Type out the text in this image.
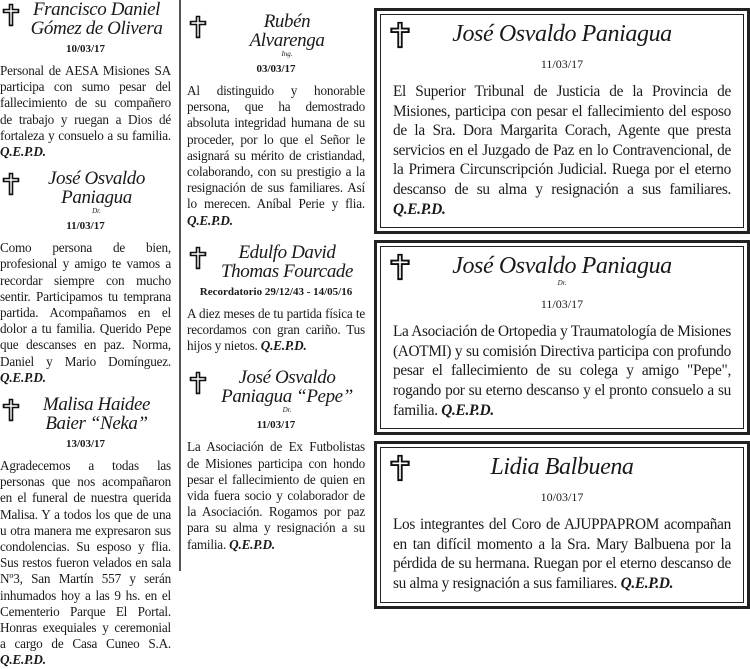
Francisco Daniel
Gómez de Olivera
10/03/17

Personal de AESA Misiones SA participa con sumo pesar del fallecimiento de su compañero de trabajo y ruegan a Dios dé fortaleza y consuelo a su familia. Q.E.P.D.

José Osvaldo
Paniagua
Dr.
11/03/17

Como persona de bien, profesional y amigo te vamos a recordar siempre con mucho sentir. Participamos tu temprana partida. Acompañamos en el dolor a tu familia. Querido Pepe que descanses en paz. Norma, Daniel y Mario Domínguez. Q.E.P.D.

Malisa Haidee
Baier “Neka”
13/03/17

Agradecemos a todas las personas que nos acompañaron en el funeral de nuestra querida Malisa. Y a todos los que de una u otra manera me expresaron sus condolencias. Su esposo y flia. Sus restos fueron velados en sala Nº3, San Martín 557 y serán inhumados hoy a las 9 hs. en el Cementerio Parque El Portal. Honras exequiales y ceremonial a cargo de Casa Cuneo S.A. Q.E.P.D.

Rubén
Alvarenga
Ing.
03/03/17

Al distinguido y honorable persona, que ha demostrado absoluta integridad humana de su proceder, por lo que el Señor le asignará su mérito de cristiandad, colaborando, con su prestigio a la resignación de sus familiares. Así lo merecen. Aníbal Perie y flia. Q.E.P.D.

Edulfo David
Thomas Fourcade
Recordatorio 29/12/43 - 14/05/16

A diez meses de tu partida física te recordamos con gran cariño. Tus hijos y nietos. Q.E.P.D.

José Osvaldo
Paniagua “Pepe”
Dr.
11/03/17

La Asociación de Ex Futbolistas de Misiones participa con hondo pesar el fallecimiento de quien en vida fuera socio y colaborador de la Asociación. Rogamos por paz para su alma y resignación a su familia. Q.E.P.D.

José Osvaldo Paniagua
11/03/17

El Superior Tribunal de Justicia de la Provincia de Misiones, participa con pesar el fallecimiento del esposo de la Sra. Dora Margarita Corach, Agente que presta servicios en el Juzgado de Paz en lo Contravencional, de la Primera Circunscripción Judicial. Ruega por el eterno descanso de su alma y resignación a sus familiares. Q.E.P.D.

José Osvaldo Paniagua
Dr.
11/03/17

La Asociación de Ortopedia y Traumatología de Misiones (AOTMI) y su comisión Directiva participa con profundo pesar el fallecimiento de su colega y amigo "Pepe", rogando por su eterno descanso y el pronto consuelo a su familia. Q.E.P.D.

Lidia Balbuena
10/03/17

Los integrantes del Coro de AJUPPAPROM acompañan en tan difícil momento a la Sra. Mary Balbuena por la pérdida de su hermana. Ruegan por el eterno descanso de su alma y resignación a sus familiares. Q.E.P.D.
